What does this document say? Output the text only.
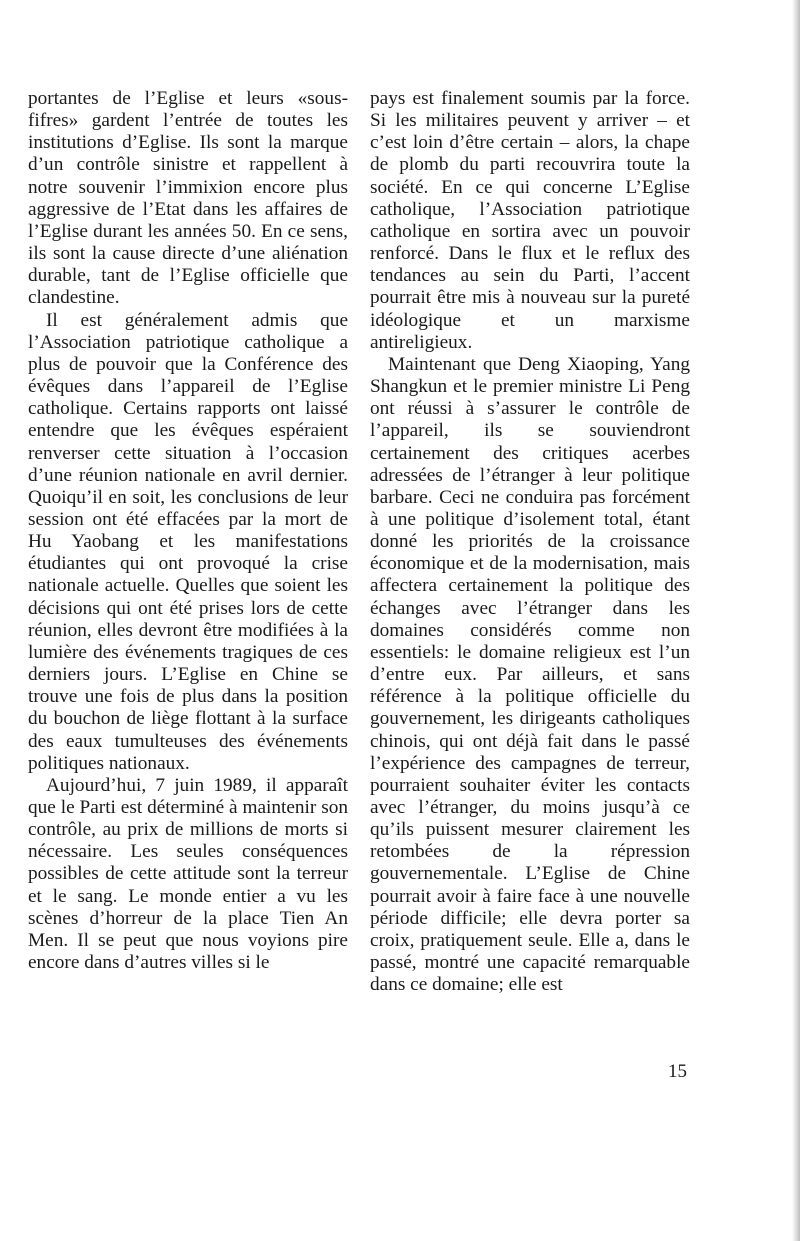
portantes de l’Eglise et leurs «sous-fifres» gardent l’entrée de toutes les institutions d’Eglise. Ils sont la marque d’un contrôle sinistre et rappellent à notre souvenir l’immixion encore plus aggressive de l’Etat dans les affaires de l’Eglise durant les années 50. En ce sens, ils sont la cause directe d’une aliénation durable, tant de l’Eglise officielle que clandestine.

Il est généralement admis que l’Association patriotique catholique a plus de pouvoir que la Conférence des évêques dans l’appareil de l’Eglise catholique. Certains rapports ont laissé entendre que les évêques espéraient renverser cette situation à l’occasion d’une réunion nationale en avril dernier. Quoiqu’il en soit, les conclusions de leur session ont été effacées par la mort de Hu Yaobang et les manifestations étudiantes qui ont provoqué la crise nationale actuelle. Quelles que soient les décisions qui ont été prises lors de cette réunion, elles devront être modifiées à la lumière des événements tragiques de ces derniers jours. L’Eglise en Chine se trouve une fois de plus dans la position du bouchon de liège flottant à la surface des eaux tumulteuses des événements politiques nationaux.

Aujourd’hui, 7 juin 1989, il apparaît que le Parti est déterminé à maintenir son contrôle, au prix de millions de morts si nécessaire. Les seules conséquences possibles de cette attitude sont la terreur et le sang. Le monde entier a vu les scènes d’horreur de la place Tien An Men. Il se peut que nous voyions pire encore dans d’autres villes si le

pays est finalement soumis par la force. Si les militaires peuvent y arriver – et c’est loin d’être certain – alors, la chape de plomb du parti recouvrira toute la société. En ce qui concerne L’Eglise catholique, l’Association patriotique catholique en sortira avec un pouvoir renforcé. Dans le flux et le reflux des tendances au sein du Parti, l’accent pourrait être mis à nouveau sur la pureté idéologique et un marxisme antireligieux.

Maintenant que Deng Xiaoping, Yang Shangkun et le premier ministre Li Peng ont réussi à s’assurer le contrôle de l’appareil, ils se souviendront certainement des critiques acerbes adressées de l’étranger à leur politique barbare. Ceci ne conduira pas forcément à une politique d’isolement total, étant donné les priorités de la croissance économique et de la modernisation, mais affectera certainement la politique des échanges avec l’étranger dans les domaines considérés comme non essentiels: le domaine religieux est l’un d’entre eux. Par ailleurs, et sans référence à la politique officielle du gouvernement, les dirigeants catholiques chinois, qui ont déjà fait dans le passé l’expérience des campagnes de terreur, pourraient souhaiter éviter les contacts avec l’étranger, du moins jusqu’à ce qu’ils puissent mesurer clairement les retombées de la répression gouvernementale. L’Eglise de Chine pourrait avoir à faire face à une nouvelle période difficile; elle devra porter sa croix, pratiquement seule. Elle a, dans le passé, montré une capacité remarquable dans ce domaine; elle est

15
